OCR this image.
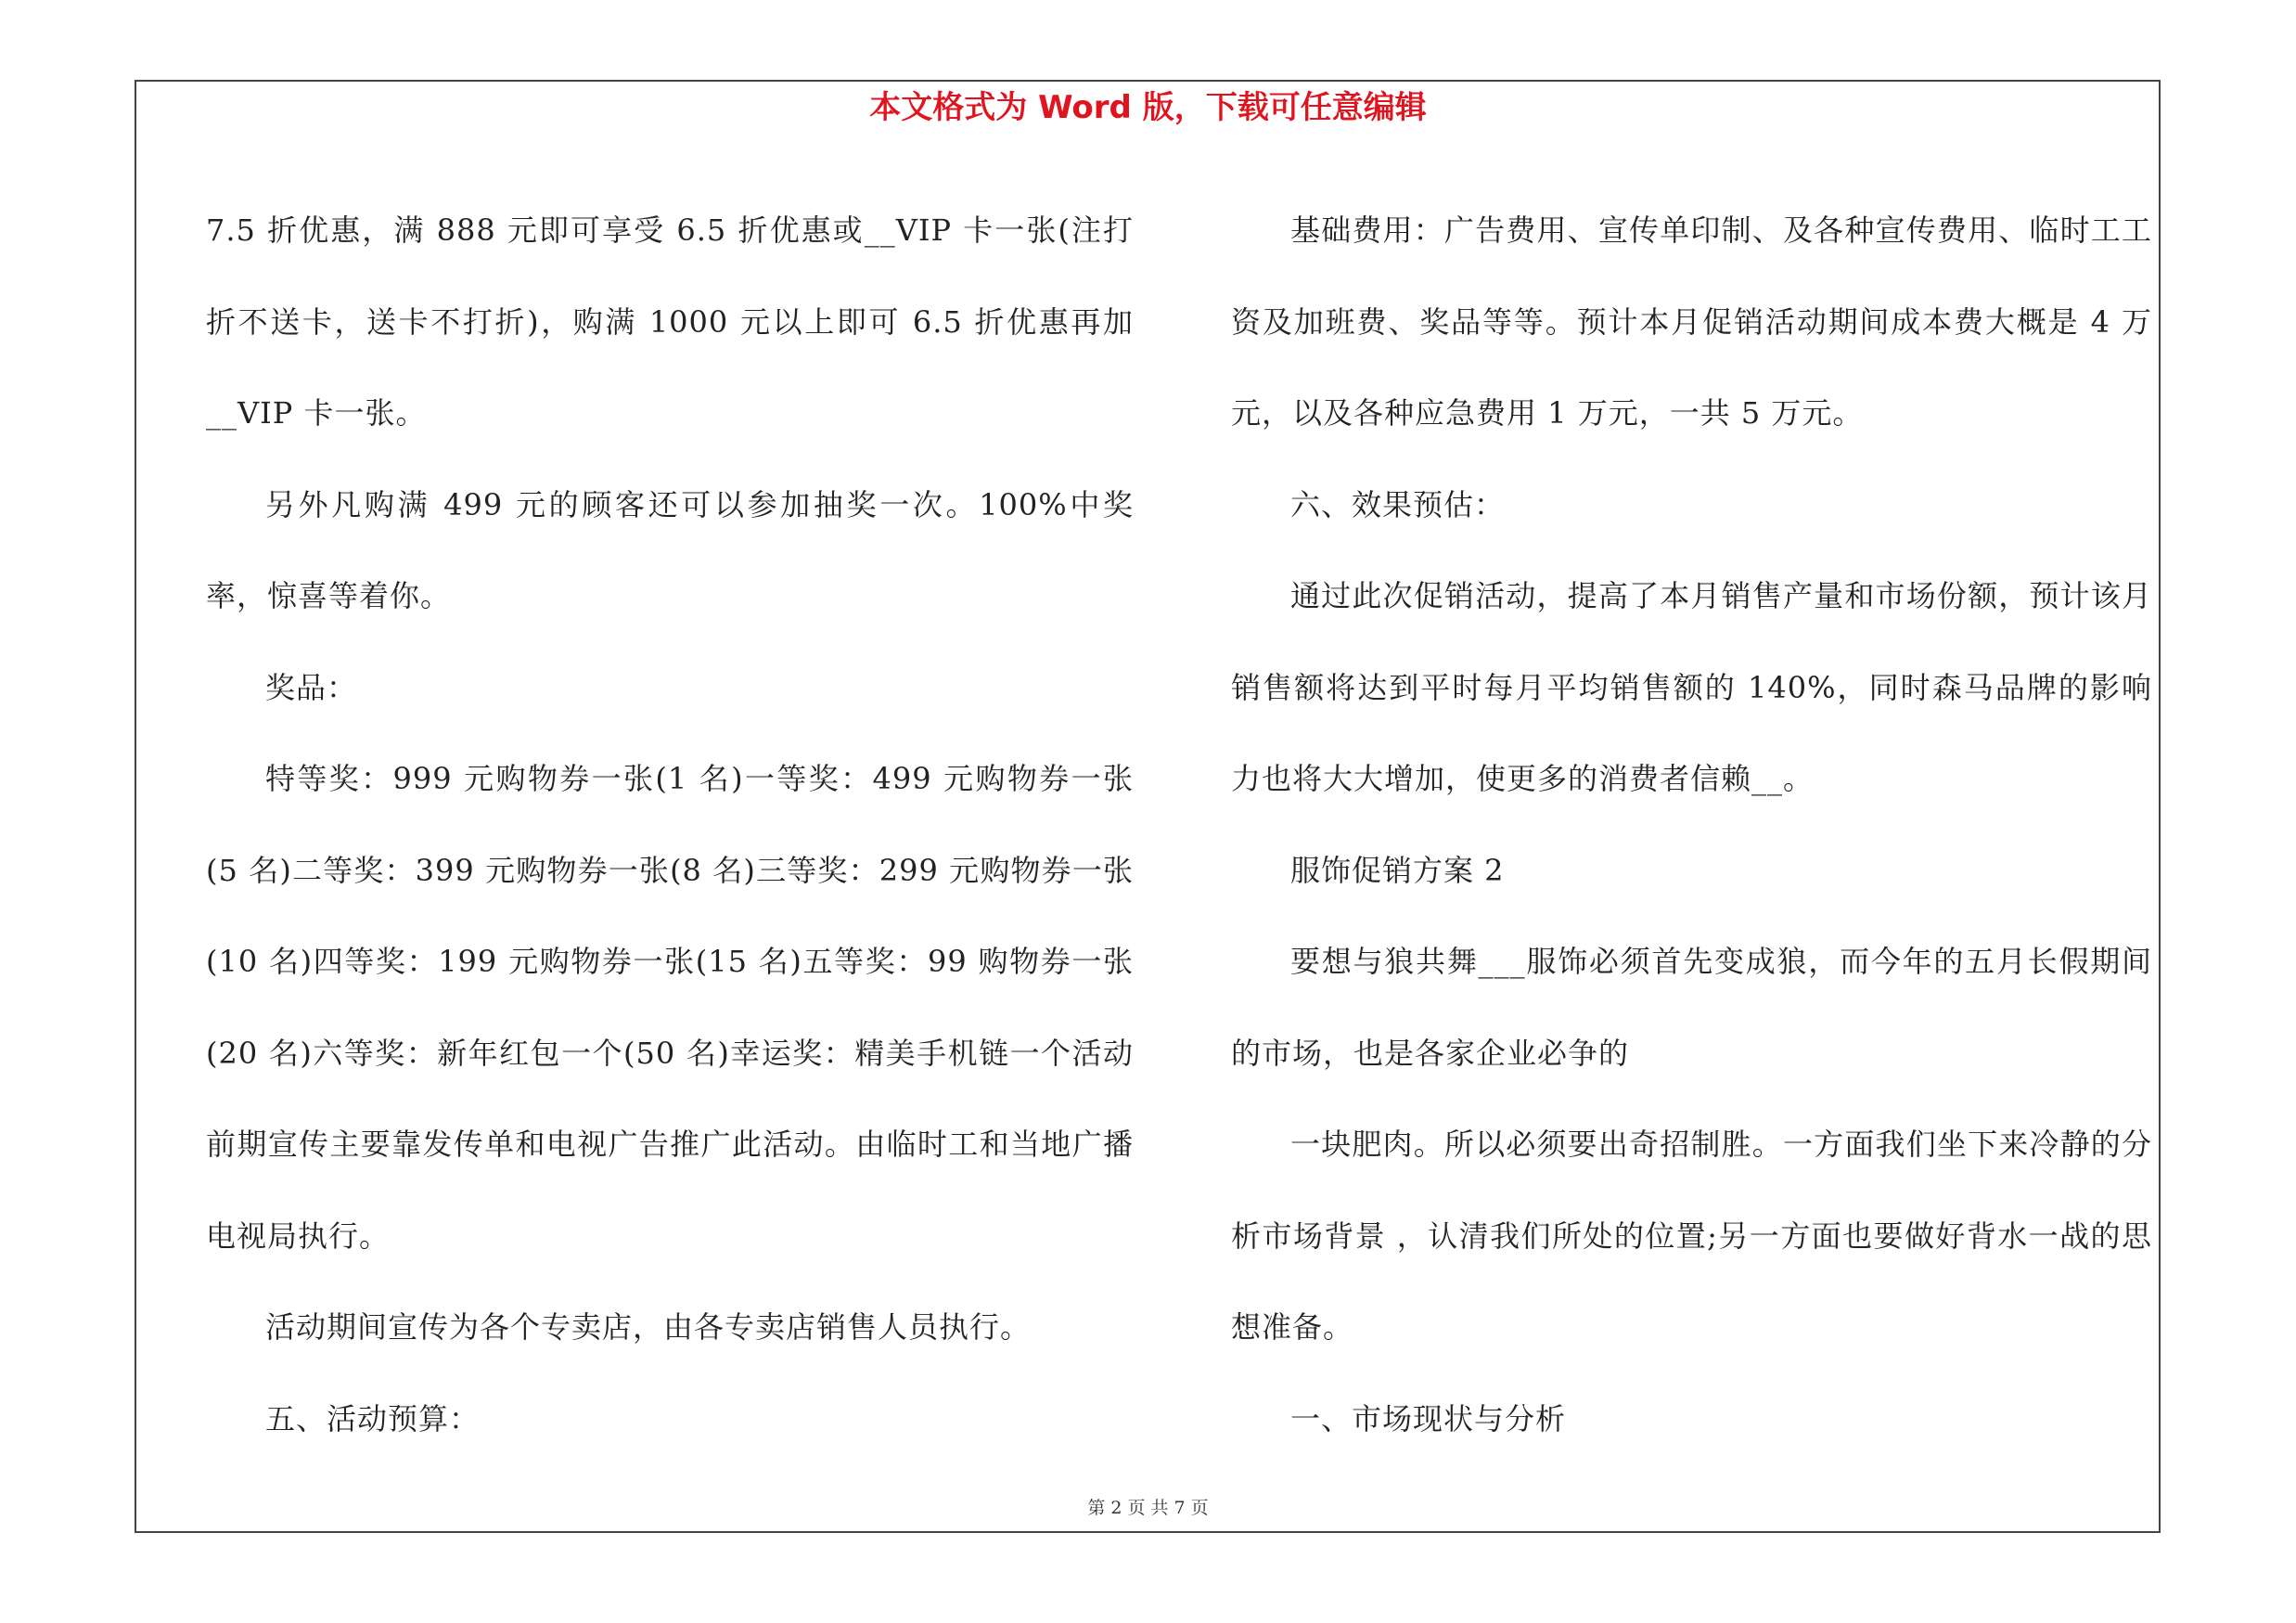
本文格式为 Word 版，下载可任意编辑

7.5 折优惠，满 888 元即可享受 6.5 折优惠或__VIP 卡一张(注打折不送卡，送卡不打折)，购满 1000 元以上即可 6.5 折优惠再加__VIP 卡一张。

另外凡购满 499 元的顾客还可以参加抽奖一次。100%中奖率，惊喜等着你。

奖品：

特等奖：999 元购物券一张(1 名)一等奖：499 元购物券一张(5 名)二等奖：399 元购物券一张(8 名)三等奖：299 元购物券一张(10 名)四等奖：199 元购物券一张(15 名)五等奖：99 购物券一张(20 名)六等奖：新年红包一个(50 名)幸运奖：精美手机链一个活动前期宣传主要靠发传单和电视广告推广此活动。由临时工和当地广播电视局执行。

活动期间宣传为各个专卖店，由各专卖店销售人员执行。

五、活动预算：

基础费用：广告费用、宣传单印制、及各种宣传费用、临时工工资及加班费、奖品等等。预计本月促销活动期间成本费大概是 4 万元，以及各种应急费用 1 万元，一共 5 万元。

六、效果预估：

通过此次促销活动，提高了本月销售产量和市场份额，预计该月销售额将达到平时每月平均销售额的 140%，同时森马品牌的影响力也将大大增加，使更多的消费者信赖__。

服饰促销方案 2

要想与狼共舞___服饰必须首先变成狼，而今年的五月长假期间的市场，也是各家企业必争的

一块肥肉。所以必须要出奇招制胜。一方面我们坐下来冷静的分析市场背景 ，认清我们所处的位置;另一方面也要做好背水一战的思想准备。

一、市场现状与分析

第 2 页 共 7 页
